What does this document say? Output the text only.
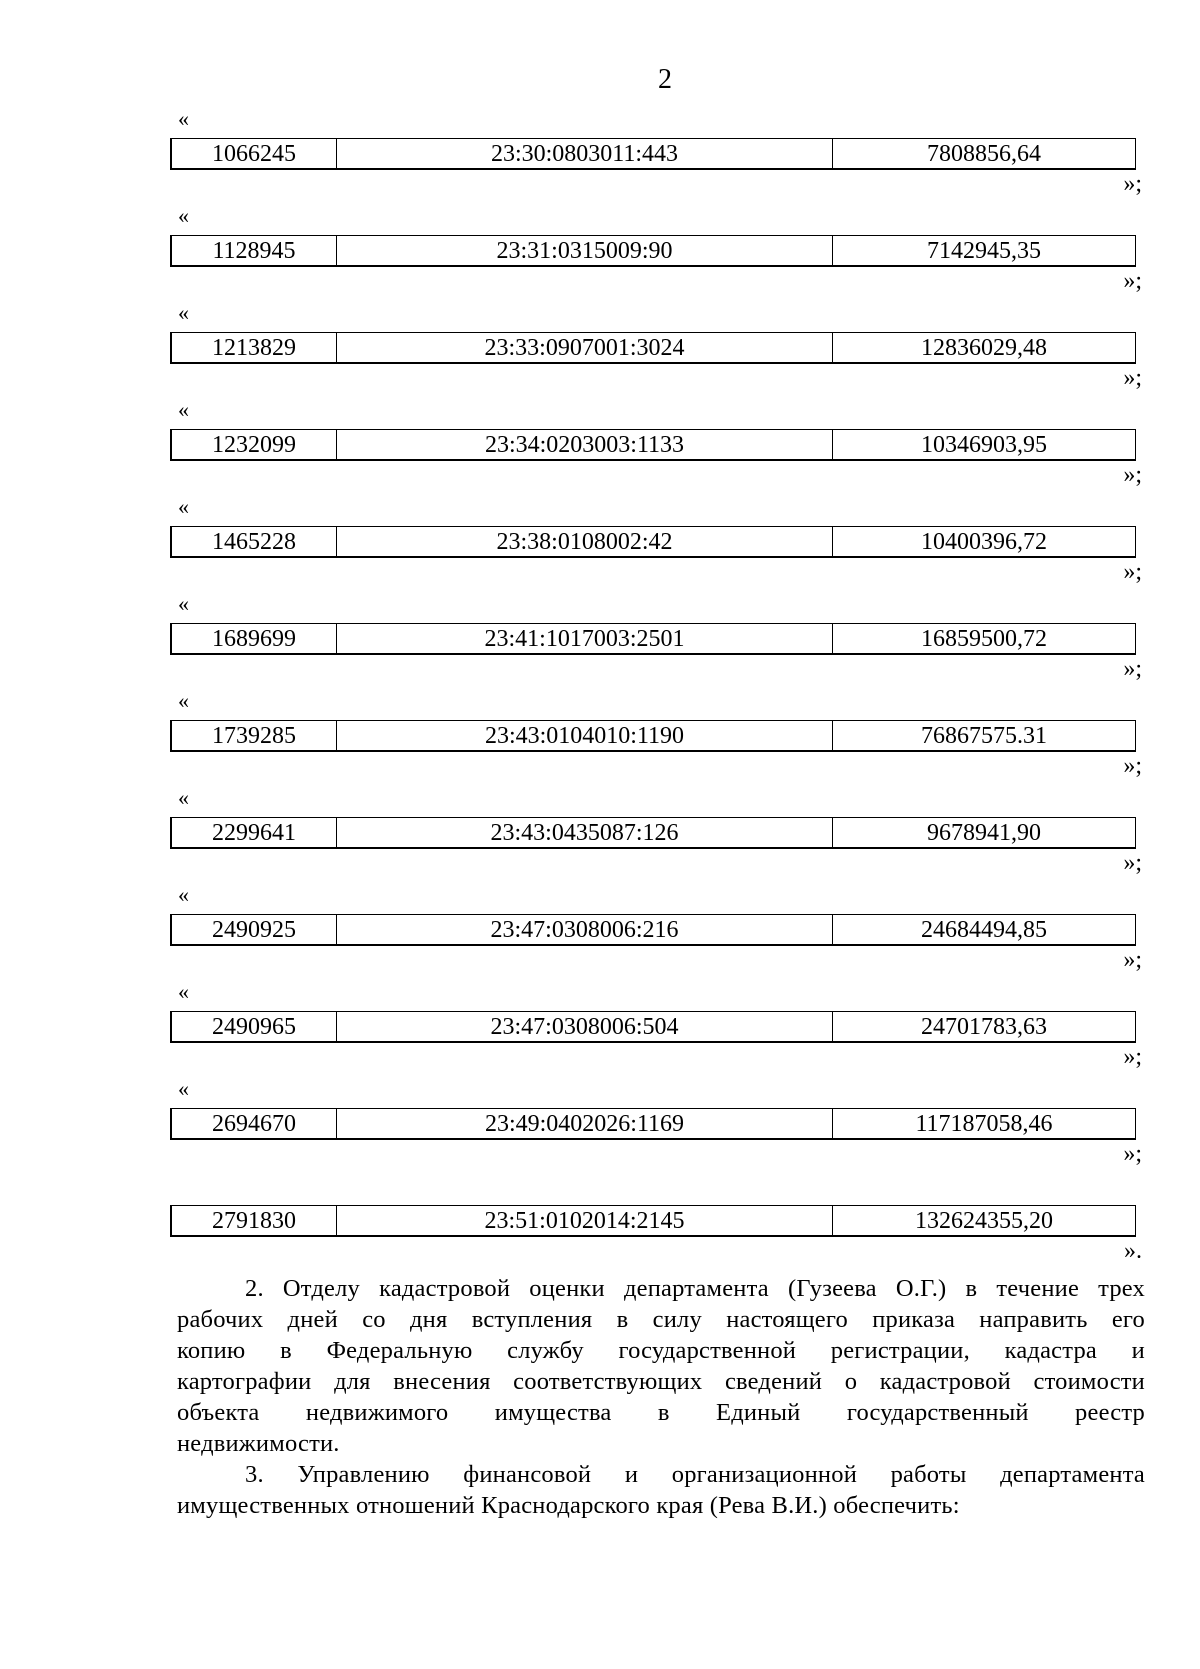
2
«
1066245	23:30:0803011:443	7808856,64
»;
«
1128945	23:31:0315009:90	7142945,35
»;
«
1213829	23:33:0907001:3024	12836029,48
»;
«
1232099	23:34:0203003:1133	10346903,95
»;
«
1465228	23:38:0108002:42	10400396,72
»;
«
1689699	23:41:1017003:2501	16859500,72
»;
«
1739285	23:43:0104010:1190	76867575.31
»;
«
2299641	23:43:0435087:126	9678941,90
»;
«
2490925	23:47:0308006:216	24684494,85
»;
«
2490965	23:47:0308006:504	24701783,63
»;
«
2694670	23:49:0402026:1169	117187058,46
»;
2791830	23:51:0102014:2145	132624355,20
».
2. Отделу кадастровой оценки департамента (Гузеева О.Г.) в течение трех
рабочих дней со дня вступления в силу настоящего приказа направить его
копию в Федеральную службу государственной регистрации, кадастра и
картографии для внесения соответствующих сведений о кадастровой стоимости
объекта недвижимого имущества в Единый государственный реестр
недвижимости.
3. Управлению финансовой и организационной работы департамента
имущественных отношений Краснодарского края (Рева В.И.) обеспечить:
